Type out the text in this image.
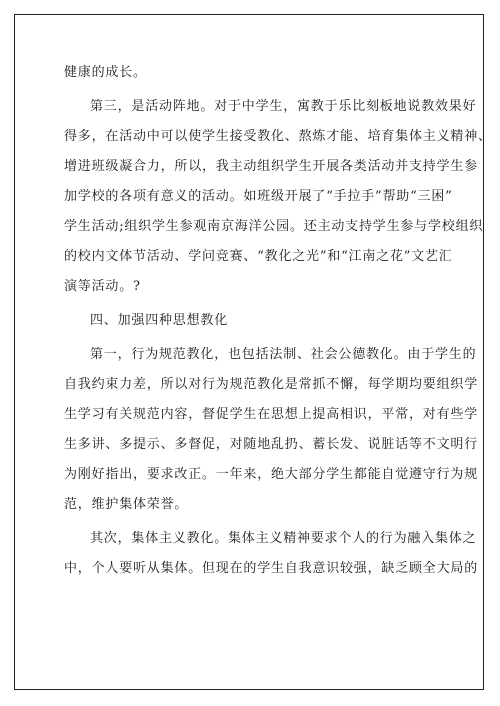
健康的成长。
第三，是活动阵地。对于中学生，寓教于乐比刻板地说教效果好
得多，在活动中可以使学生接受教化、熬炼才能、培育集体主义精神、
增进班级凝合力，所以，我主动组织学生开展各类活动并支持学生参
加学校的各项有意义的活动。如班级开展了“手拉手”帮助“三困”
学生活动;组织学生参观南京海洋公园。还主动支持学生参与学校组织
的校内文体节活动、学问竞赛、“教化之光”和“江南之花”文艺汇
演等活动。?
四、加强四种思想教化
第一，行为规范教化，也包括法制、社会公德教化。由于学生的
自我约束力差，所以对行为规范教化是常抓不懈，每学期均要组织学
生学习有关规范内容，督促学生在思想上提高相识，平常，对有些学
生多讲、多提示、多督促，对随地乱扔、蓄长发、说脏话等不文明行
为刚好指出，要求改正。一年来，绝大部分学生都能自觉遵守行为规
范，维护集体荣誉。
其次，集体主义教化。集体主义精神要求个人的行为融入集体之
中，个人要听从集体。但现在的学生自我意识较强，缺乏顾全大局的
